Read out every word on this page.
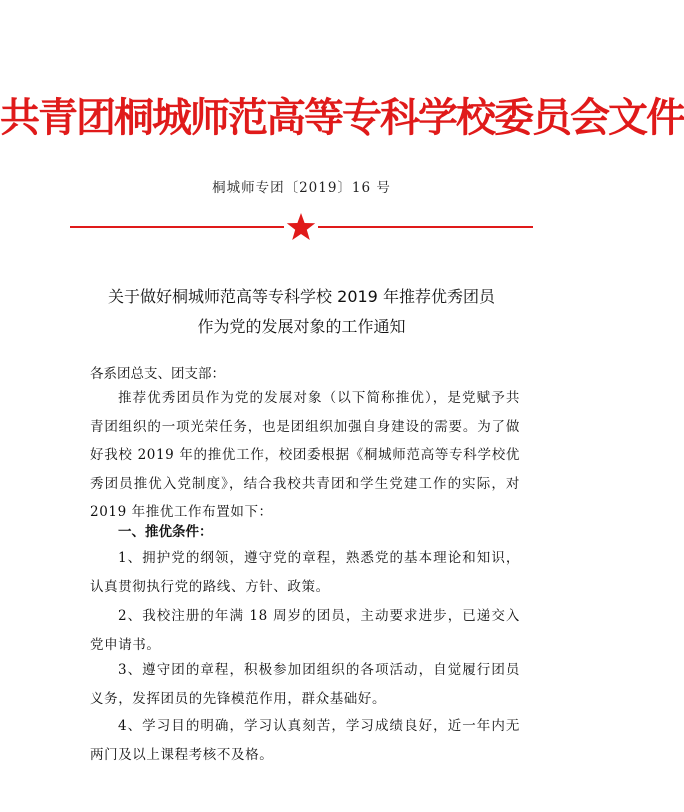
共青团桐城师范高等专科学校委员会文件
桐城师专团〔2019〕16 号
关于做好桐城师范高等专科学校 2019 年推荐优秀团员
作为党的发展对象的工作通知
各系团总支、团支部：
推荐优秀团员作为党的发展对象（以下简称推优），是党赋予共青团组织的一项光荣任务，也是团组织加强自身建设的需要。为了做好我校 2019 年的推优工作，校团委根据《桐城师范高等专科学校优秀团员推优入党制度》，结合我校共青团和学生党建工作的实际，对 2019 年推优工作布置如下：
一、推优条件：
1、拥护党的纲领，遵守党的章程，熟悉党的基本理论和知识，认真贯彻执行党的路线、方针、政策。
2、我校注册的年满 18 周岁的团员，主动要求进步，已递交入党申请书。
3、遵守团的章程，积极参加团组织的各项活动，自觉履行团员义务，发挥团员的先锋模范作用，群众基础好。
4、学习目的明确，学习认真刻苦，学习成绩良好，近一年内无两门及以上课程考核不及格。
